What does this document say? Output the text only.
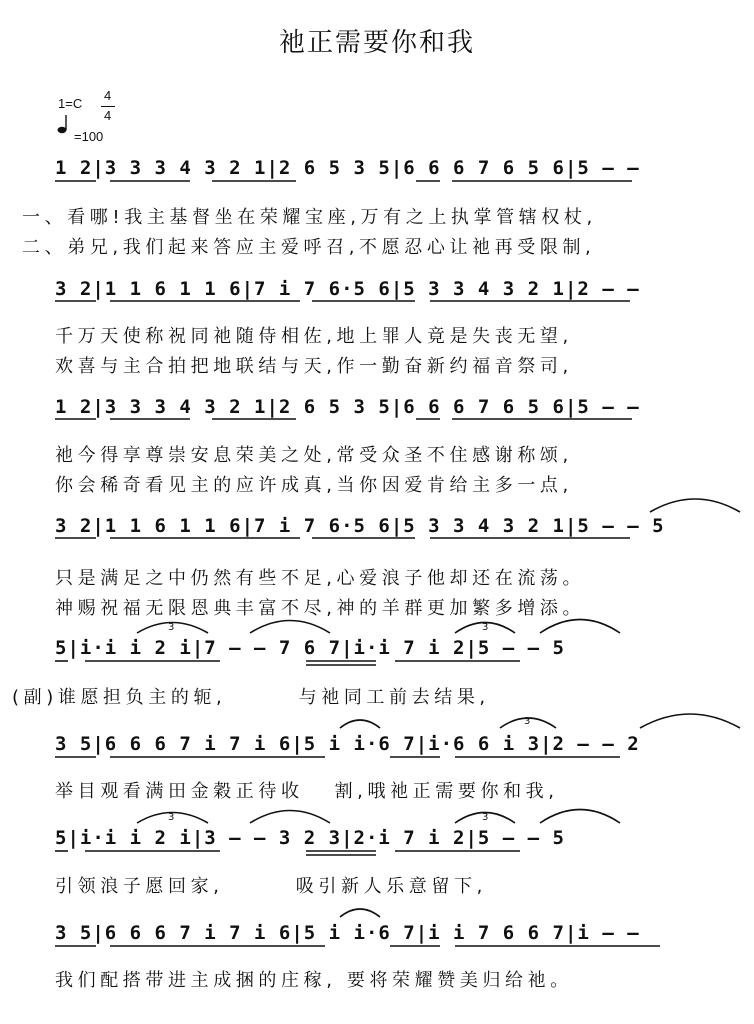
祂正需要你和我
1=C
4
4
=100

1 2|3 3 3 4 3 2 1|2 6 5 3 5|6 6 6 7 6 5 6|5 – –

一、看哪!我主基督坐在荣耀宝座,万有之上执掌管辖权杖,
二、弟兄,我们起来答应主爱呼召,不愿忍心让祂再受限制,

3 2|1 1 6 1 1 6|7 i 7 6·5 6|5 3 3 4 3 2 1|2 – –

千万天使称祝同祂随侍相佐,地上罪人竟是失丧无望,
欢喜与主合拍把地联结与天,作一勤奋新约福音祭司,

1 2|3 3 3 4 3 2 1|2 6 5 3 5|6 6 6 7 6 5 6|5 – –

祂今得享尊崇安息荣美之处,常受众圣不住感谢称颂,
你会稀奇看见主的应许成真,当你因爱肯给主多一点,

3 2|1 1 6 1 1 6|7 i 7 6·5 6|5 3 3 4 3 2 1|5 – – 5

只是满足之中仍然有些不足,心爱浪子他却还在流荡。
神赐祝福无限恩典丰富不尽,神的羊群更加繁多增添。

5|i·i i 2 i|7 – – 7 6 7|i·i 7 i 2|5 – – 5

(副)谁愿担负主的轭,       与祂同工前去结果,

3 5|6 6 6 7 i 7 i 6|5 i i·6 7|i·6 6 i 3|2 – – 2

举目观看满田金穀正待收   割,哦祂正需要你和我,

5|i·i i 2 i|3 – – 3 2 3|2·i 7 i 2|5 – – 5

引领浪子愿回家,       吸引新人乐意留下,

3 5|6 6 6 7 i 7 i 6|5 i i·6 7|i i 7 6 6 7|i – –

我们配搭带进主成捆的庄稼, 要将荣耀赞美归给祂。
3	3
3
3	3
